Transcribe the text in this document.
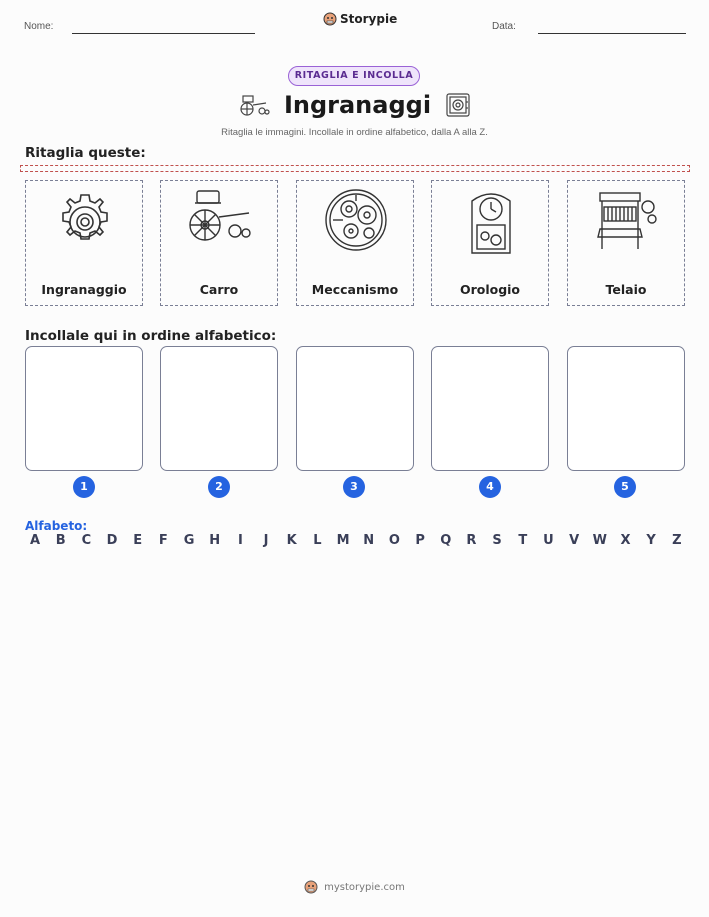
Nome:
Storypie
Data:
RITAGLIA E INCOLLA
Ingranaggi
Ritaglia le immagini. Incollale in ordine alfabetico, dalla A alla Z.
Ritaglia queste:
Ingranaggio	Carro	Meccanismo	Orologio	Telaio
Incollale qui in ordine alfabetico:
1	2	3	4	5
Alfabeto:
A	B	C	D	E	F	G H	I	J	K	L	M N O	P	Q	R	S	T	U	V	W	X	Y	Z
mystorypie.com
